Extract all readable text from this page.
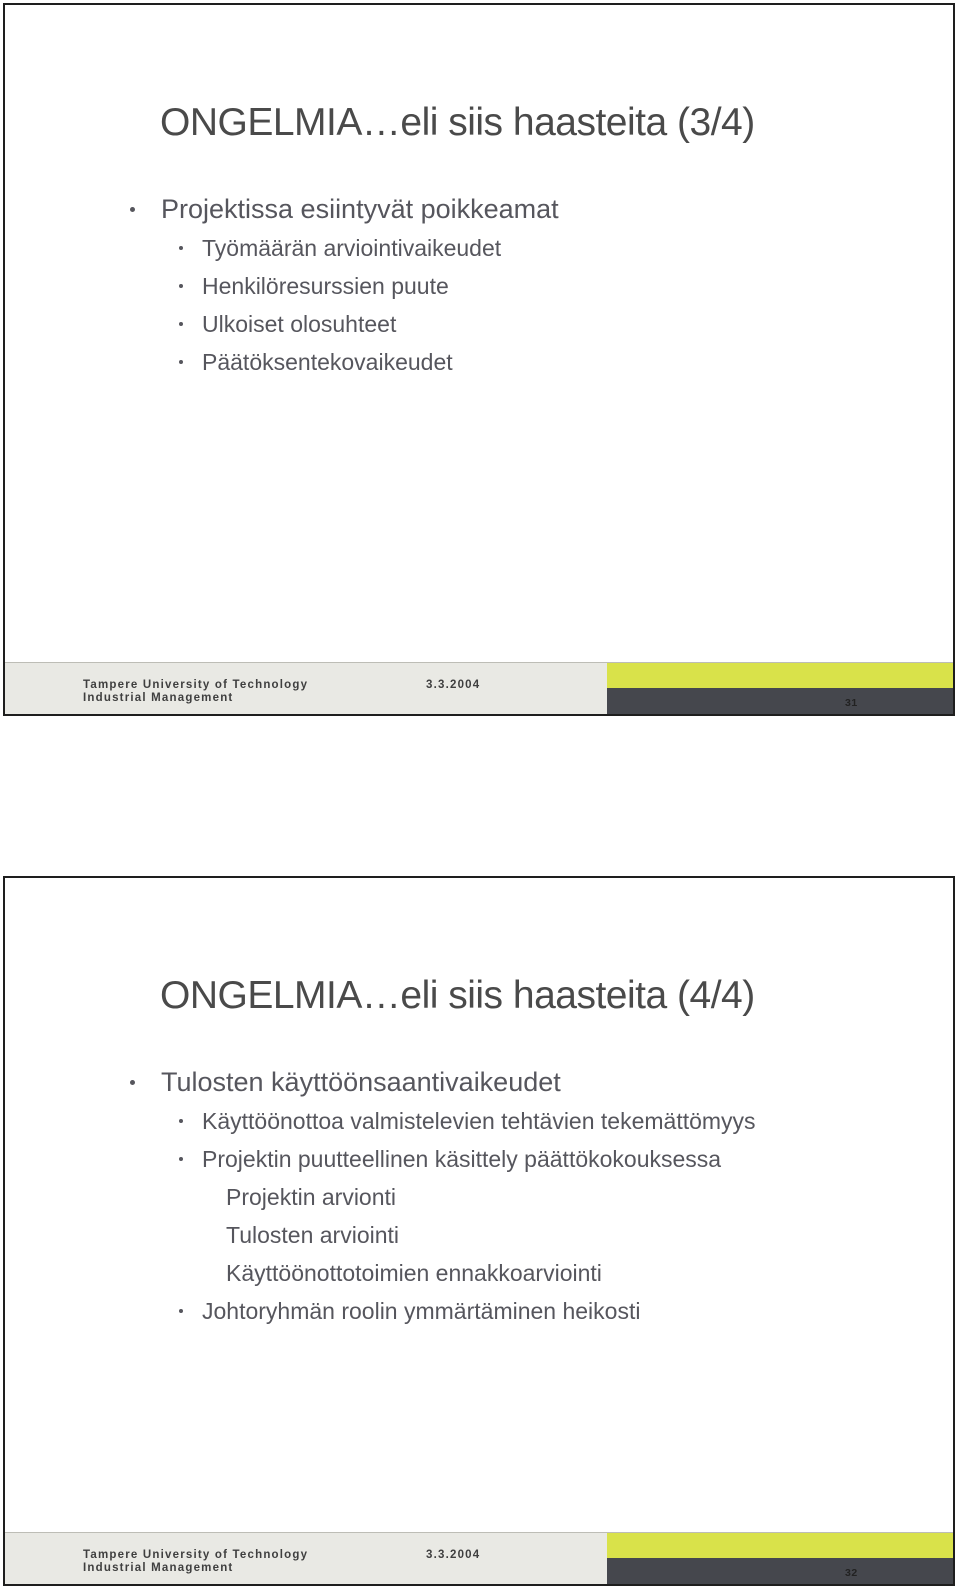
ONGELMIA…eli siis haasteita (3/4)
Projektissa esiintyvät poikkeamat
Työmäärän arviointivaikeudet
Henkilöresurssien puute
Ulkoiset olosuhteet
Päätöksentekovaikeudet
Tampere University of Technology
Industrial Management
3.3.2004
31
ONGELMIA…eli siis haasteita (4/4)
Tulosten käyttöönsaantivaikeudet
Käyttöönottoa valmistelevien tehtävien tekemättömyys
Projektin puutteellinen käsittely päättökokouksessa
Projektin arvionti
Tulosten arviointi
Käyttöönottotoimien ennakkoarviointi
Johtoryhmän roolin ymmärtäminen heikosti
Tampere University of Technology
Industrial Management
3.3.2004
32
